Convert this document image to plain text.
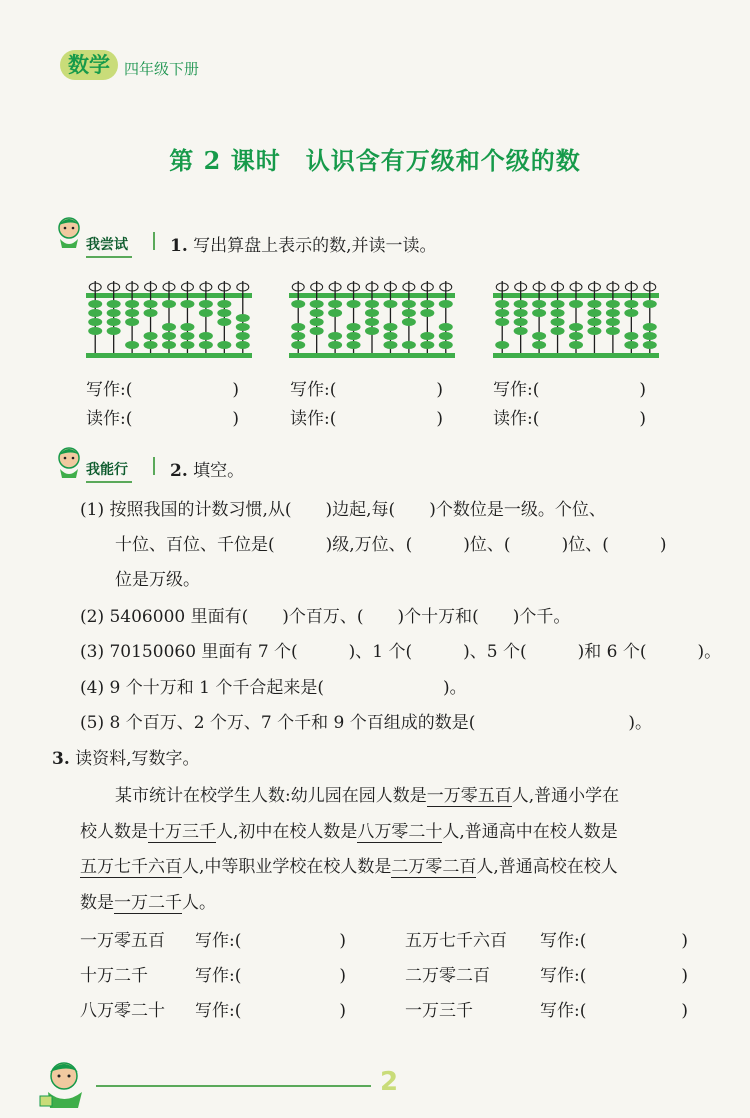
数学 四年级下册
第 2 课时　认识含有万级和个级的数
我尝试 1. 写出算盘上表示的数,并读一读。
写作:(	)	写作:(	)	写作:(	)
读作:(	)	读作:(	)	读作:(	)
我能行 2. 填空。
(1) 按照我国的计数习惯,从(　　)边起,每(　　)个数位是一级。个位、
十位、百位、千位是(　　　)级,万位、(　　　)位、(　　　)位、(　　　)
位是万级。
(2) 5406000 里面有(　　)个百万、(　　)个十万和(　　)个千。
(3) 70150060 里面有 7 个(　　　)、1 个(　　　)、5 个(　　　)和 6 个(　　　)。
(4) 9 个十万和 1 个千合起来是(　　　　　　　)。
(5) 8 个百万、2 个万、7 个千和 9 个百组成的数是(　　　　　　　　　)。
3. 读资料,写数字。
某市统计在校学生人数:幼儿园在园人数是一万零五百人,普通小学在
校人数是十万三千人,初中在校人数是八万零二十人,普通高中在校人数是
五万七千六百人,中等职业学校在校人数是二万零二百人,普通高校在校人
数是一万二千人。
一万零五百 写作:(	)	五万七千六百 写作:(	)
十万二千	写作:(	)	二万零二百	写作:(	)
八万零二十 写作:(	)	一万三千	写作:(	)
2
